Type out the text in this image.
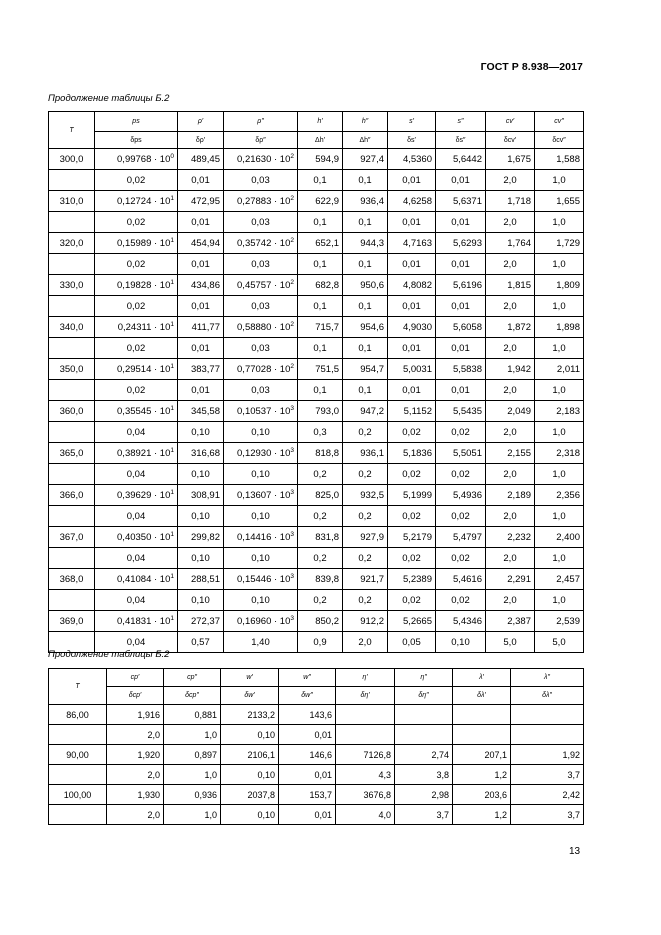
ГОСТ Р 8.938—2017
Продолжение таблицы Б.2
T	ps	ρ′	ρ″	h′	h″	s′	s″	cv′	cv″
	δps	δρ′	δρ″	Δh′	Δh″	δs′	δs″	δcv′	δcv″
300,0	$0,99768 \cdot 10^0$	489,45	$0,21630 \cdot 10^2$	594,9	927,4	4,5360	5,6442	1,675	1,588
	0,02	0,01	0,03	0,1	0,1	0,01	0,01	2,0	1,0
310,0	$0,12724 \cdot 10^1$	472,95	$0,27883 \cdot 10^2$	622,9	936,4	4,6258	5,6371	1,718	1,655
	0,02	0,01	0,03	0,1	0,1	0,01	0,01	2,0	1,0
320,0	$0,15989 \cdot 10^1$	454,94	$0,35742 \cdot 10^2$	652,1	944,3	4,7163	5,6293	1,764	1,729
	0,02	0,01	0,03	0,1	0,1	0,01	0,01	2,0	1,0
330,0	$0,19828 \cdot 10^1$	434,86	$0,45757 \cdot 10^2$	682,8	950,6	4,8082	5,6196	1,815	1,809
	0,02	0,01	0,03	0,1	0,1	0,01	0,01	2,0	1,0
340,0	$0,24311 \cdot 10^1$	411,77	$0,58880 \cdot 10^2$	715,7	954,6	4,9030	5,6058	1,872	1,898
	0,02	0,01	0,03	0,1	0,1	0,01	0,01	2,0	1,0
350,0	$0,29514 \cdot 10^1$	383,77	$0,77028 \cdot 10^2$	751,5	954,7	5,0031	5,5838	1,942	2,011
	0,02	0,01	0,03	0,1	0,1	0,01	0,01	2,0	1,0
360,0	$0,35545 \cdot 10^1$	345,58	$0,10537 \cdot 10^3$	793,0	947,2	5,1152	5,5435	2,049	2,183
	0,04	0,10	0,10	0,3	0,2	0,02	0,02	2,0	1,0
365,0	$0,38921 \cdot 10^1$	316,68	$0,12930 \cdot 10^3$	818,8	936,1	5,1836	5,5051	2,155	2,318
	0,04	0,10	0,10	0,2	0,2	0,02	0,02	2,0	1,0
366,0	$0,39629 \cdot 10^1$	308,91	$0,13607 \cdot 10^3$	825,0	932,5	5,1999	5,4936	2,189	2,356
	0,04	0,10	0,10	0,2	0,2	0,02	0,02	2,0	1,0
367,0	$0,40350 \cdot 10^1$	299,82	$0,14416 \cdot 10^3$	831,8	927,9	5,2179	5,4797	2,232	2,400
	0,04	0,10	0,10	0,2	0,2	0,02	0,02	2,0	1,0
368,0	$0,41084 \cdot 10^1$	288,51	$0,15446 \cdot 10^3$	839,8	921,7	5,2389	5,4616	2,291	2,457
	0,04	0,10	0,10	0,2	0,2	0,02	0,02	2,0	1,0
369,0	$0,41831 \cdot 10^1$	272,37	$0,16960 \cdot 10^3$	850,2	912,2	5,2665	5,4346	2,387	2,539
	0,04	0,57	1,40	0,9	2,0	0,05	0,10	5,0	5,0
Продолжение таблицы Б.2
T	cp′	cp″	w′	w″	η′	η″	λ′	λ″
	δcp′	δcp″	δw′	δw″	δη′	δη″	δλ′	δλ″
86,00	1,916	0,881	2133,2	143,6				
	2,0	1,0	0,10	0,01				
90,00	1,920	0,897	2106,1	146,6	7126,8	2,74	207,1	1,92
	2,0	1,0	0,10	0,01	4,3	3,8	1,2	3,7
100,00	1,930	0,936	2037,8	153,7	3676,8	2,98	203,6	2,42
	2,0	1,0	0,10	0,01	4,0	3,7	1,2	3,7
13
